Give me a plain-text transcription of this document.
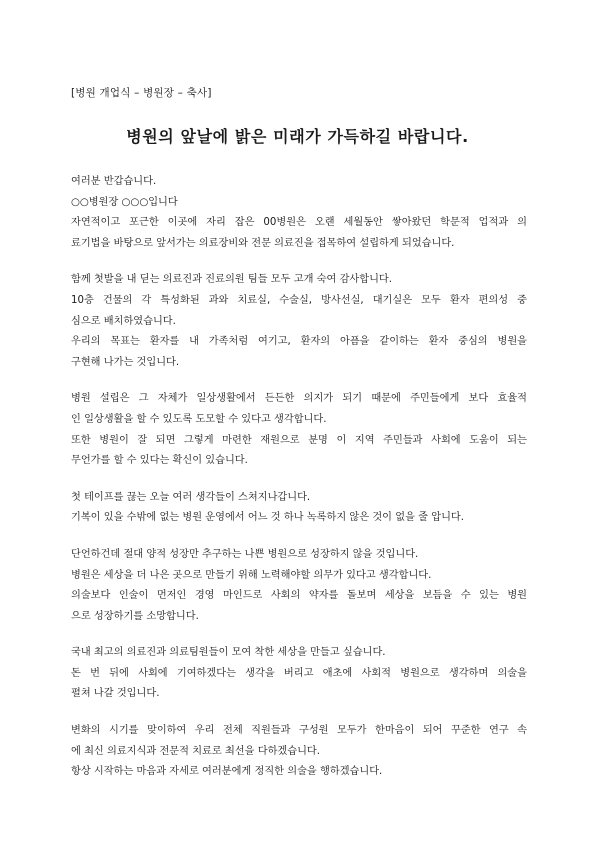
[병원 개업식 – 병원장 – 축사]
병원의 앞날에 밝은 미래가 가득하길 바랍니다.
여러분 반갑습니다.
○○병원장 ○○○입니다
자연적이고 포근한 이곳에 자리 잡은 00병원은 오랜 세월동안 쌓아왔던 학문적 업적과 의
료기법을 바탕으로 앞서가는 의료장비와 전문 의료진을 접목하여 설립하게 되었습니다.
함께 첫발을 내 딛는 의료진과 진료의원 팀들 모두 고개 숙여 감사합니다.
10층 건물의 각 특성화된 과와 치료실, 수술실, 방사선실, 대기실은 모두 환자 편의성 중
심으로 배치하였습니다.
우리의 목표는 환자를 내 가족처럼 여기고, 환자의 아픔을 같이하는 환자 중심의 병원을
구현해 나가는 것입니다.
병원 설립은 그 자체가 일상생활에서 든든한 의지가 되기 때문에 주민들에게 보다 효율적
인 일상생활을 할 수 있도록 도모할 수 있다고 생각합니다.
또한 병원이 잘 되면 그렇게 마련한 재원으로 분명 이 지역 주민들과 사회에 도움이 되는
무언가를 할 수 있다는 확신이 있습니다.
첫 테이프를 끊는 오늘 여러 생각들이 스쳐지나갑니다.
기복이 있을 수밖에 없는 병원 운영에서 어느 것 하나 녹록하지 않은 것이 없을 줄 압니다.
단언하건데 절대 양적 성장만 추구하는 나쁜 병원으로 성장하지 않을 것입니다.
병원은 세상을 더 나은 곳으로 만들기 위해 노력해야할 의무가 있다고 생각합니다.
의술보다 인술이 먼저인 경영 마인드로 사회의 약자를 돌보며 세상을 보듬을 수 있는 병원
으로 성장하기를 소망합니다.
국내 최고의 의료진과 의료팀원들이 모여 착한 세상을 만들고 싶습니다.
돈 번 뒤에 사회에 기여하겠다는 생각을 버리고 애초에 사회적 병원으로 생각하며 의술을
펼쳐 나갈 것입니다.
변화의 시기를 맞이하여 우리 전체 직원들과 구성원 모두가 한마음이 되어 꾸준한 연구 속
에 최신 의료지식과 전문적 치료로 최선을 다하겠습니다.
항상 시작하는 마음과 자세로 여러분에게 정직한 의술을 행하겠습니다.
